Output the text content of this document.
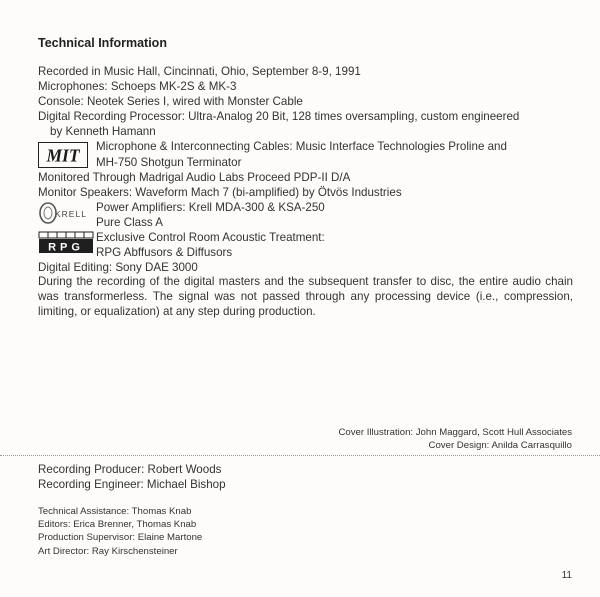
Technical Information
Recorded in Music Hall, Cincinnati, Ohio, September 8-9, 1991
Microphones: Schoeps MK-2S & MK-3
Console: Neotek Series I, wired with Monster Cable
Digital Recording Processor: Ultra-Analog 20 Bit, 128 times oversampling, custom engineered
by Kenneth Hamann
MIT Microphone & Interconnecting Cables: Music Interface Technologies Proline and
MH-750 Shotgun Terminator
Monitored Through Madrigal Audio Labs Proceed PDP-II D/A
Monitor Speakers: Waveform Mach 7 (bi-amplified) by Ötvös Industries
KRELL Power Amplifiers: Krell MDA-300 & KSA-250
Pure Class A
RPG
Exclusive Control Room Acoustic Treatment:
RPG Abffusors & Diffusors
Digital Editing: Sony DAE 3000
During the recording of the digital masters and the subsequent transfer to disc, the entire audio chain was transformerless. The signal was not passed through any processing device (i.e., compression, limiting, or equalization) at any step during production.
Cover Illustration: John Maggard, Scott Hull Associates
Cover Design: Anilda Carrasquillo
Recording Producer: Robert Woods
Recording Engineer: Michael Bishop
Technical Assistance: Thomas Knab
Editors: Erica Brenner, Thomas Knab
Production Supervisor: Elaine Martone
Art Director: Ray Kirschensteiner
11
